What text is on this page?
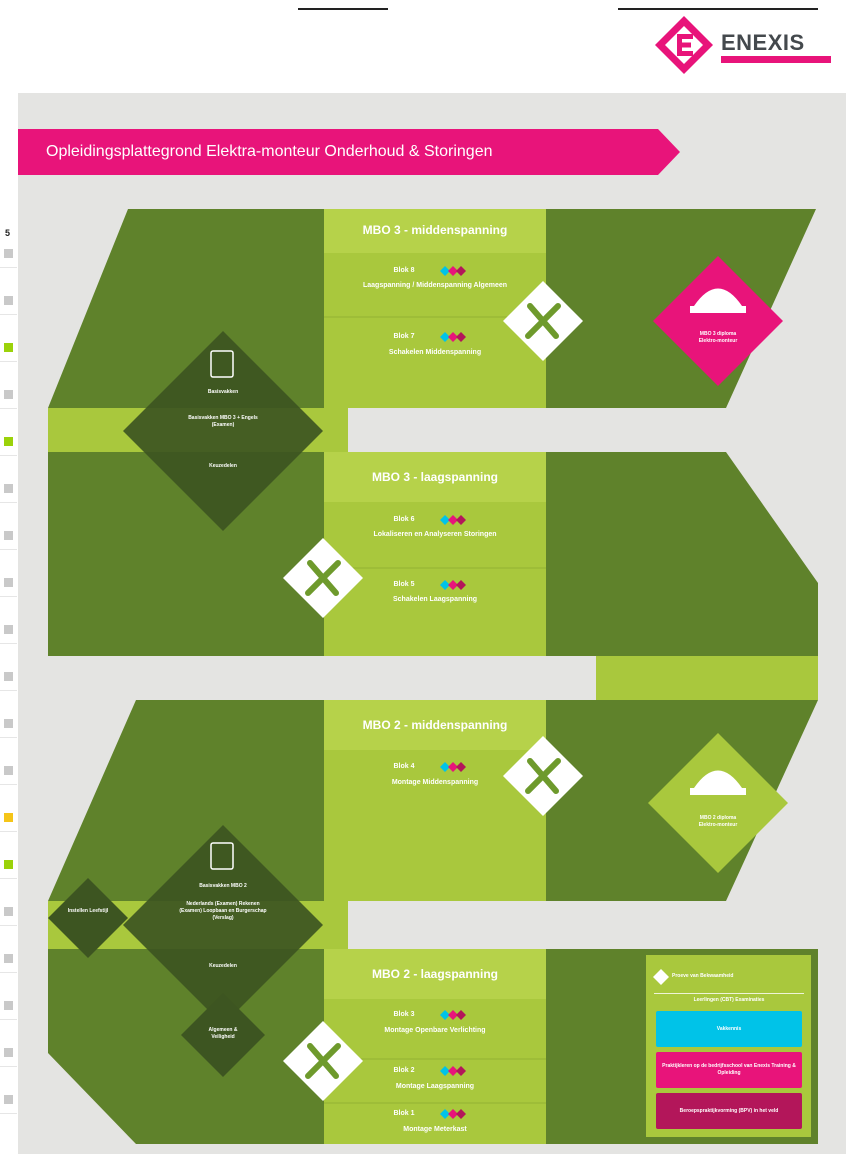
5
ENEXIS
Opleidingsplattegrond Elektra-monteur Onderhoud & Storingen
MBO 3 - middenspanning
MBO 3 - laagspanning
MBO 2 - middenspanning
MBO 2 - laagspanning
Blok 8
Laagspanning / Middenspanning Algemeen
Blok 7
Schakelen Middenspanning
Blok 6
Lokaliseren en Analyseren Storingen
Blok 5
Schakelen Laagspanning
Blok 4
Montage Middenspanning
Blok 3
Montage Openbare Verlichting
Blok 2
Montage Laagspanning
Blok 1
Montage Meterkast
Basisvakken
Basisvakken MBO 3 + Engels (Examen)
Keuzedelen
Basisvakken MBO 2
Nederlands (Examen) Rekenen (Examen) Loopbaan en Burgerschap (Verslag)
Keuzedelen
Instellen Leefstijl
Algemeen & Veiligheid
MBO 3 diploma Elektro-monteur
MBO 2 diploma Elektro-monteur
Proeve van Bekwaamheid
Leerlingen (CBT) Examinaties
Vakkennis
Praktijkleren op de bedrijfsschool van Enexis Training & Opleiding
Beroepspraktijkvorming (BPV) in het veld
